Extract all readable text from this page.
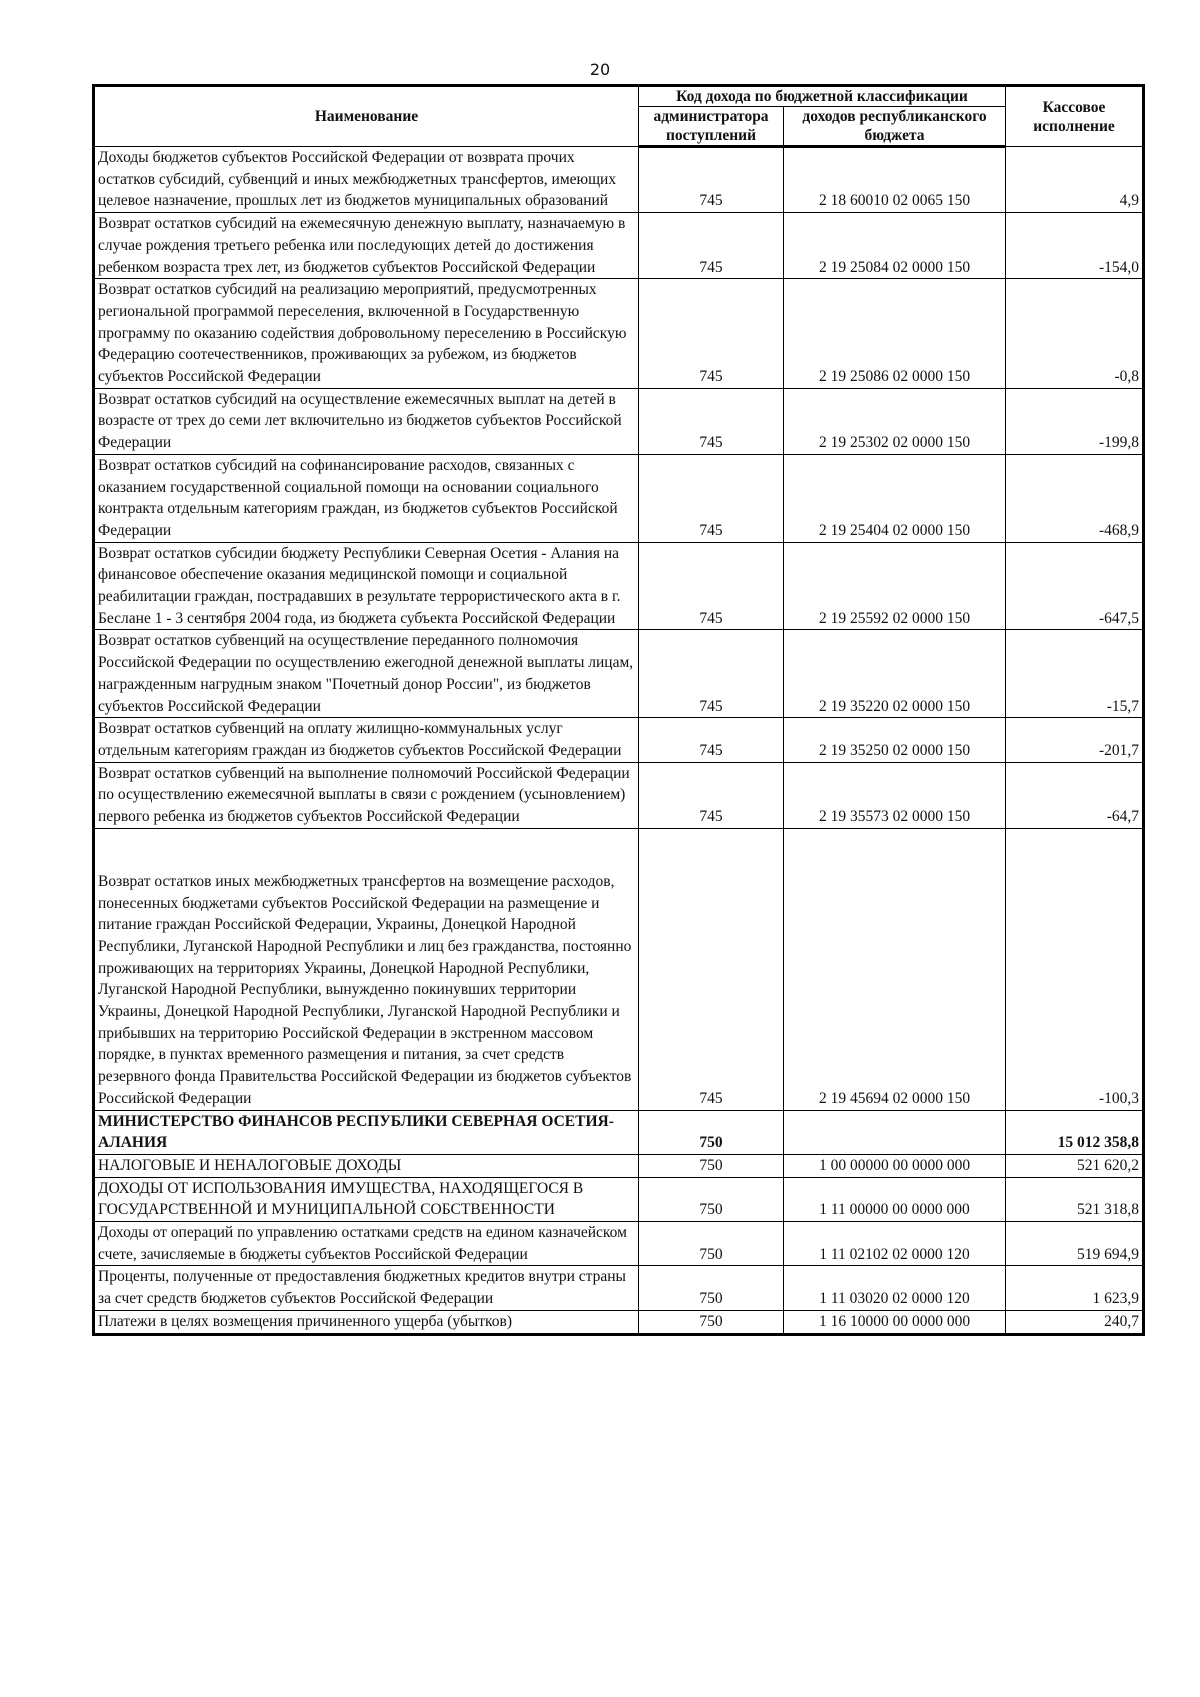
20
Наименование	Код дохода по бюджетной классификации		Кассовое исполнение
	администратора поступлений	доходов республиканского бюджета	
Доходы бюджетов субъектов Российской Федерации от возврата прочих остатков субсидий, субвенций и иных межбюджетных трансфертов, имеющих целевое назначение, прошлых лет из бюджетов муниципальных образований	745	2 18 60010 02 0065 150	4,9
Возврат остатков субсидий на ежемесячную денежную выплату, назначаемую в случае рождения третьего ребенка или последующих детей до достижения ребенком возраста трех лет, из бюджетов субъектов Российской Федерации	745	2 19 25084 02 0000 150	-154,0
Возврат остатков субсидий на реализацию мероприятий, предусмотренных региональной программой переселения, включенной в Государственную программу по оказанию содействия добровольному переселению в Российскую Федерацию соотечественников, проживающих за рубежом, из бюджетов субъектов Российской Федерации	745	2 19 25086 02 0000 150	-0,8
Возврат остатков субсидий на осуществление ежемесячных выплат на детей в возрасте от трех до семи лет включительно из бюджетов субъектов Российской Федерации	745	2 19 25302 02 0000 150	-199,8
Возврат остатков субсидий на софинансирование расходов, связанных с оказанием государственной социальной помощи на основании социального контракта отдельным категориям граждан, из бюджетов субъектов Российской Федерации	745	2 19 25404 02 0000 150	-468,9
Возврат остатков субсидии бюджету Республики Северная Осетия - Алания на финансовое обеспечение оказания медицинской помощи и социальной реабилитации граждан, пострадавших в результате террористического акта в г. Беслане 1 - 3 сентября 2004 года, из бюджета субъекта Российской Федерации	745	2 19 25592 02 0000 150	-647,5
Возврат остатков субвенций на осуществление переданного полномочия Российской Федерации по осуществлению ежегодной денежной выплаты лицам, награжденным нагрудным знаком "Почетный донор России", из бюджетов субъектов Российской Федерации	745	2 19 35220 02 0000 150	-15,7
Возврат остатков субвенций на оплату жилищно-коммунальных услуг отдельным категориям граждан из бюджетов субъектов Российской Федерации	745	2 19 35250 02 0000 150	-201,7
Возврат остатков субвенций на выполнение полномочий Российской Федерации по осуществлению ежемесячной выплаты в связи с рождением (усыновлением) первого ребенка из бюджетов субъектов Российской Федерации	745	2 19 35573 02 0000 150	-64,7
Возврат остатков иных межбюджетных трансфертов на возмещение расходов, понесенных бюджетами субъектов Российской Федерации на размещение и питание граждан Российской Федерации, Украины, Донецкой Народной Республики, Луганской Народной Республики и лиц без гражданства, постоянно проживающих на территориях Украины, Донецкой Народной Республики, Луганской Народной Республики, вынужденно покинувших территории Украины, Донецкой Народной Республики, Луганской Народной Республики и прибывших на территорию Российской Федерации в экстренном массовом порядке, в пунктах временного размещения и питания, за счет средств резервного фонда Правительства Российской Федерации из бюджетов субъектов Российской Федерации	745	2 19 45694 02 0000 150	-100,3
МИНИСТЕРСТВО ФИНАНСОВ РЕСПУБЛИКИ СЕВЕРНАЯ ОСЕТИЯ-АЛАНИЯ	750		15 012 358,8
НАЛОГОВЫЕ И НЕНАЛОГОВЫЕ ДОХОДЫ	750	1 00 00000 00 0000 000	521 620,2
ДОХОДЫ ОТ ИСПОЛЬЗОВАНИЯ ИМУЩЕСТВА, НАХОДЯЩЕГОСЯ В ГОСУДАРСТВЕННОЙ И МУНИЦИПАЛЬНОЙ СОБСТВЕННОСТИ	750	1 11 00000 00 0000 000	521 318,8
Доходы от операций по управлению остатками средств на едином казначейском счете, зачисляемые в бюджеты субъектов Российской Федерации	750	1 11 02102 02 0000 120	519 694,9
Проценты, полученные от предоставления бюджетных кредитов внутри страны за счет средств бюджетов субъектов Российской Федерации	750	1 11 03020 02 0000 120	1 623,9
Платежи в целях возмещения причиненного ущерба (убытков)	750	1 16 10000 00 0000 000	240,7
